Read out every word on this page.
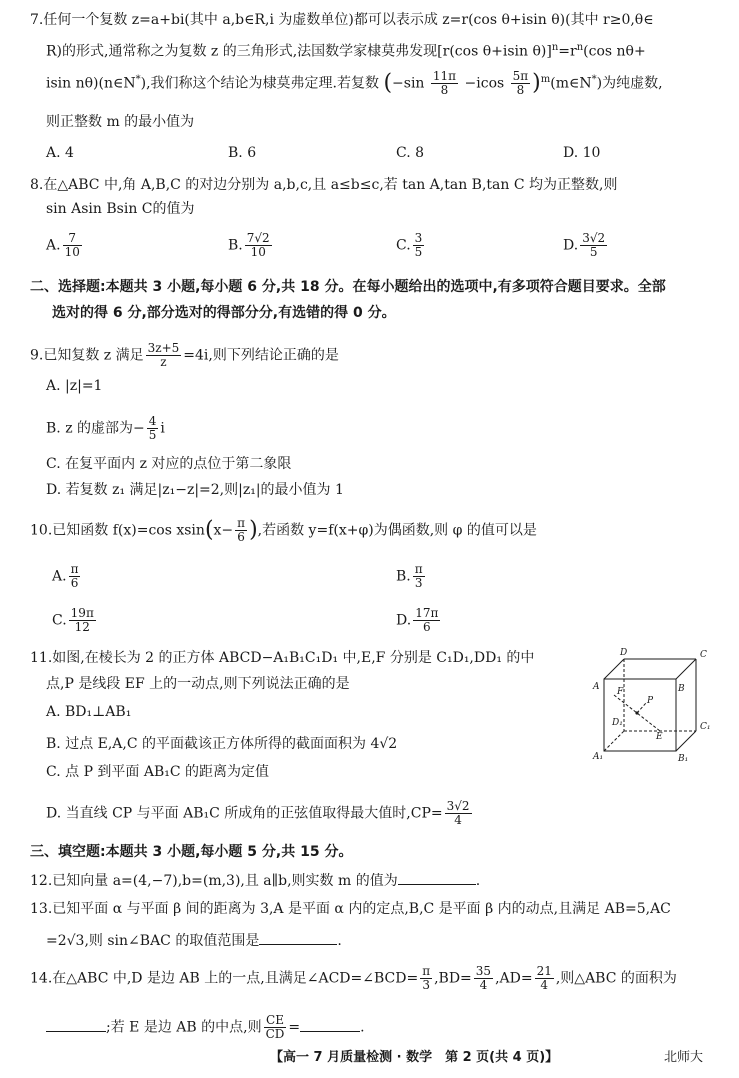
7.任何一个复数 z=a+bi(其中 a,b∈R,i 为虚数单位)都可以表示成 z=r(cos θ+isin θ)(其中 r≥0,θ∈
R)的形式,通常称之为复数 z 的三角形式,法国数学家棣莫弗发现[r(cos θ+isin $\theta)]^n=r^n(\cos$ nθ+
isin nθ)(n∈N*),我们称这个结论为棣莫弗定理.若复数 ($-\sin \frac{11\pi}{8} -icos \frac{5\pi}{8}$ )$^m(m\in N^*)$为纯虚数,
则正整数 m 的最小值为
A. 4	B. 6	C. 8	D. 10
8.在△ABC 中,角 A,B,C 的对边分别为 a,b,c,且 a≤b≤c,若 tan A,tan B,tan C 均为正整数,则
sin Asin Bsin C的值为
A. $\frac{7}{10}$	B. $\frac{7√2}{10}$	C. $\frac{3}{5}$	D. $\frac{3√2}{5}$
二、选择题:本题共 3 小题,每小题 6 分,共 18 分。在每小题给出的选项中,有多项符合题目要求。全部
选对的得 6 分,部分选对的得部分分,有选错的得 0 分。
9.已知复数 z 满足 $\frac{3z+5}{z} =4i$,则下列结论正确的是
A. |z|=1
B. z 的虚部为− $\frac{4}{5}$ i
C. 在复平面内 z 对应的点位于第二象限
D. 若复数 z₁ 满足|z₁−z|=2,则|z₁|的最小值为 1
10.已知函数 f(x)=cos $xsin(x- \frac{\pi}{6}$ ),若函数 y=f(x+φ)为偶函数,则 φ 的值可以是
A. $\frac{\pi}{6}$	B. $\frac{\pi}{3}$
C. $\frac{19\pi}{12}$	D. $\frac{17\pi}{6}$
11.如图,在棱长为 2 的正方体 ABCD−A₁B₁C₁D₁ 中,E,F 分别是 C₁D₁,DD₁ 的中
点,P 是线段 EF 上的一动点,则下列说法正确的是
A. BD₁⊥AB₁
B. 过点 E,A,C 的平面截该正方体所得的截面面积为 4√2
C. 点 P 到平面 AB₁C 的距离为定值
D. 当直线 CP 与平面 AB₁C 所成角的正弦值取得最大值时$,CP= \frac{3√2}{4}$
D	C
A	B
F
P
D₁	C₁
E
A₁	B₁
三、填空题:本题共 3 小题,每小题 5 分,共 15 分。
12.已知向量 a=(4,−7),b=(m,3),且 a∥b,则实数 m 的值为	.
13.已知平面 α 与平面 β 间的距离为 3,A 是平面 α 内的定点,B,C 是平面 β 内的动点,且满足 AB=5,AC
=2√3,则 sin∠BAC 的取值范围是	.
14.在△ABC 中,D 是边 AB 上的一点,且满足∠ACD=∠BCD= $\frac{\pi}{3} ,BD= \frac{35}{4} ,AD= \frac{21}{4}$ ,则△ABC 的面积为
;若 E 是边 AB 的中点,则 $\frac{CE}{CD}$ =	.
【高一 7 月质量检测 · 数学　第 2 页(共 4 页)】	北师大
